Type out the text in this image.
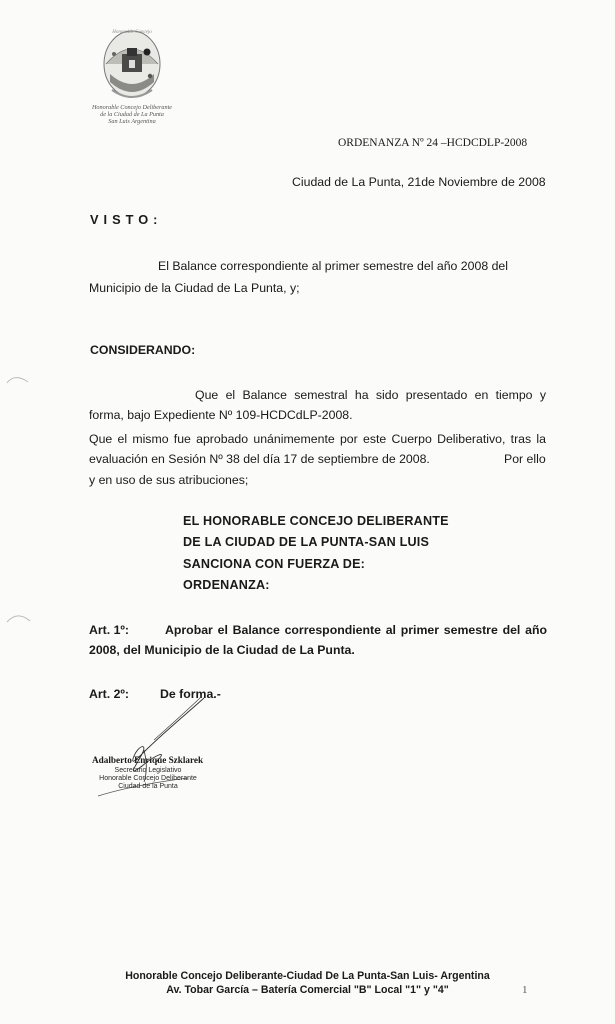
Honorable Concejo
Honorable Concejo Deliberante
de la Ciudad de La Punta
San Luis Argentina
ORDENANZA Nº 24 –HCDCDLP-2008
Ciudad de La Punta, 21de Noviembre de 2008
VISTO:
El Balance correspondiente al primer semestre del año 2008 del
Municipio de la Ciudad de La Punta, y;
CONSIDERANDO:
Que el Balance semestral ha sido presentado en tiempo y
forma, bajo Expediente Nº 109-HCDCdLP-2008.
Que el mismo fue aprobado unánimemente por este Cuerpo Deliberativo, tras la
evaluación en Sesión Nº 38 del día 17 de septiembre de 2008.	Por ello
y en uso de sus atribuciones;
EL HONORABLE CONCEJO DELIBERANTE
DE LA CIUDAD DE LA PUNTA-SAN LUIS
SANCIONA CON FUERZA DE:
ORDENANZA:
Art. 1º:	Aprobar el Balance correspondiente al primer semestre del año
2008, del Municipio de la Ciudad de La Punta.
Art. 2º:	De forma.-
Adalberto Enrique Szklarek
Secretario Legislativo
Honorable Concejo Deliberante
Ciudad de la Punta
Honorable Concejo Deliberante-Ciudad De La Punta-San Luis- Argentina
Av. Tobar García – Batería Comercial "B" Local "1" y "4"	1
